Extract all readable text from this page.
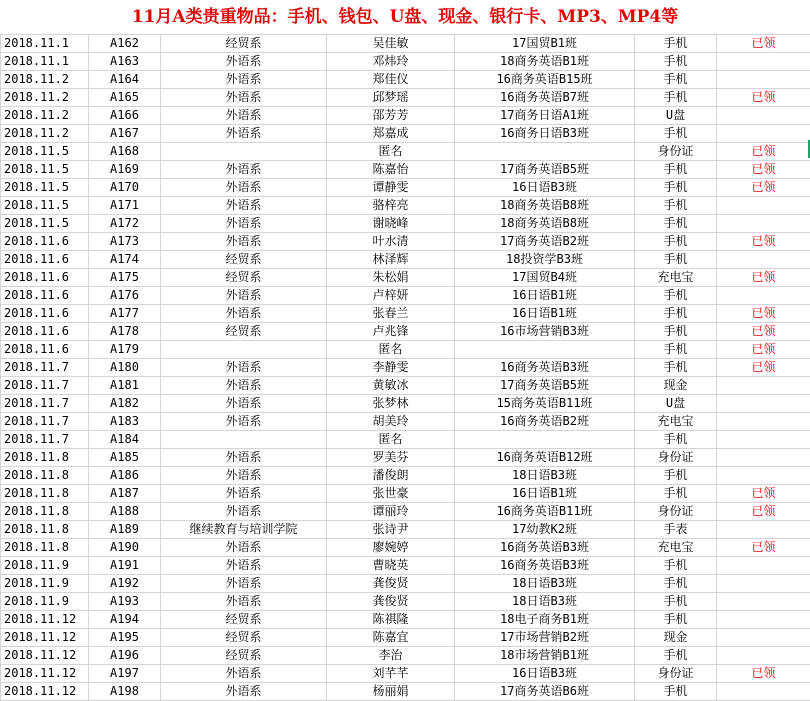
11月A类贵重物品：手机、钱包、U盘、现金、银行卡、MP3、MP4等
2018.11.1	A162	经贸系	吴佳敏	17国贸B1班	手机	已领
2018.11.1	A163	外语系	邓炜玲	18商务英语B1班	手机	
2018.11.2	A164	外语系	郑佳仪	16商务英语B15班	手机	
2018.11.2	A165	外语系	邱梦瑶	16商务英语B7班	手机	已领
2018.11.2	A166	外语系	邵芳芳	17商务日语A1班	U盘	
2018.11.2	A167	外语系	郑嘉成	16商务日语B3班	手机	
2018.11.5	A168		匿名		身份证	已领
2018.11.5	A169	外语系	陈嘉怡	17商务英语B5班	手机	已领
2018.11.5	A170	外语系	谭静雯	16日语B3班	手机	已领
2018.11.5	A171	外语系	骆梓亮	18商务英语B8班	手机	
2018.11.5	A172	外语系	谢晓峰	18商务英语B8班	手机	
2018.11.6	A173	外语系	叶水清	17商务英语B2班	手机	已领
2018.11.6	A174	经贸系	林泽辉	18投资学B3班	手机	
2018.11.6	A175	经贸系	朱松娟	17国贸B4班	充电宝	已领
2018.11.6	A176	外语系	卢梓妍	16日语B1班	手机	
2018.11.6	A177	外语系	张春兰	16日语B1班	手机	已领
2018.11.6	A178	经贸系	卢兆锋	16市场营销B3班	手机	已领
2018.11.6	A179		匿名		手机	已领
2018.11.7	A180	外语系	李静雯	16商务英语B3班	手机	已领
2018.11.7	A181	外语系	黄敏冰	17商务英语B5班	现金	
2018.11.7	A182	外语系	张梦林	15商务英语B11班	U盘	
2018.11.7	A183	外语系	胡美玲	16商务英语B2班	充电宝	
2018.11.7	A184		匿名		手机	
2018.11.8	A185	外语系	罗美芬	16商务英语B12班	身份证	
2018.11.8	A186	外语系	潘俊朗	18日语B3班	手机	
2018.11.8	A187	外语系	张世豪	16日语B1班	手机	已领
2018.11.8	A188	外语系	谭丽玲	16商务英语B11班	身份证	已领
2018.11.8	A189	继续教育与培训学院	张诗尹	17幼教K2班	手表	
2018.11.8	A190	外语系	廖婉婷	16商务英语B3班	充电宝	已领
2018.11.9	A191	外语系	曹晓英	16商务英语B3班	手机	
2018.11.9	A192	外语系	龚俊贤	18日语B3班	手机	
2018.11.9	A193	外语系	龚俊贤	18日语B3班	手机	
2018.11.12	A194	经贸系	陈祺隆	18电子商务B1班	手机	
2018.11.12	A195	经贸系	陈嘉宜	17市场营销B2班	现金	
2018.11.12	A196	经贸系	李治	18市场营销B1班	手机	
2018.11.12	A197	外语系	刘芊芊	16日语B3班	身份证	已领
2018.11.12	A198	外语系	杨丽娟	17商务英语B6班	手机	
